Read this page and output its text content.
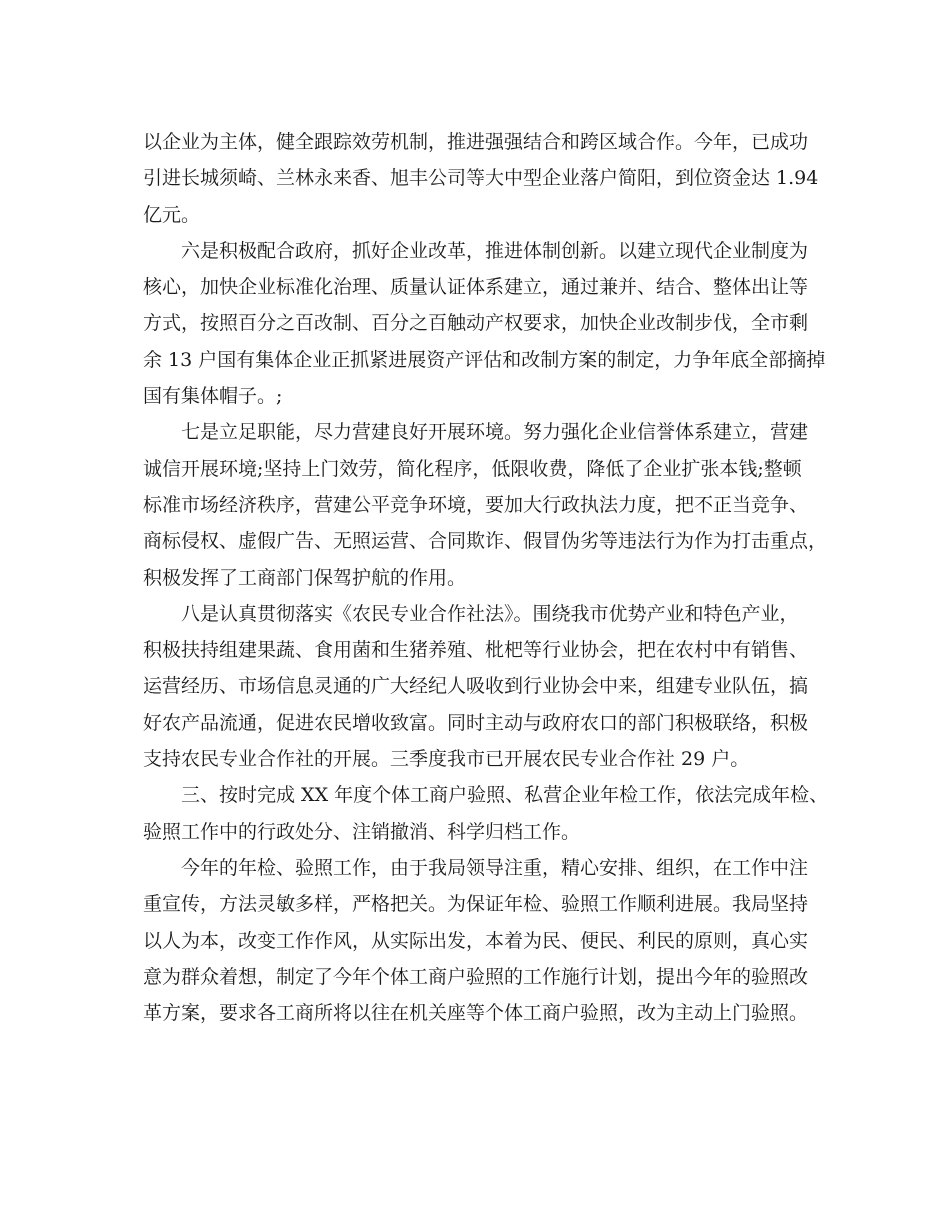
以企业为主体，健全跟踪效劳机制，推进强强结合和跨区域合作。今年，已成功
引进长城须崎、兰林永来香、旭丰公司等大中型企业落户简阳，到位资金达 1.94
亿元。
六是积极配合政府，抓好企业改革，推进体制创新。以建立现代企业制度为
核心，加快企业标准化治理、质量认证体系建立，通过兼并、结合、整体出让等
方式，按照百分之百改制、百分之百触动产权要求，加快企业改制步伐，全市剩
余 13 户国有集体企业正抓紧进展资产评估和改制方案的制定，力争年底全部摘掉
国有集体帽子。;
七是立足职能，尽力营建良好开展环境。努力强化企业信誉体系建立，营建
诚信开展环境;坚持上门效劳，简化程序，低限收费，降低了企业扩张本钱;整顿
标准市场经济秩序，营建公平竞争环境，要加大行政执法力度，把不正当竞争、
商标侵权、虚假广告、无照运营、合同欺诈、假冒伪劣等违法行为作为打击重点，
积极发挥了工商部门保驾护航的作用。
八是认真贯彻落实《农民专业合作社法》。围绕我市优势产业和特色产业，
积极扶持组建果蔬、食用菌和生猪养殖、枇杷等行业协会，把在农村中有销售、
运营经历、市场信息灵通的广大经纪人吸收到行业协会中来，组建专业队伍，搞
好农产品流通，促进农民增收致富。同时主动与政府农口的部门积极联络，积极
支持农民专业合作社的开展。三季度我市已开展农民专业合作社 29 户。
三、按时完成 XX 年度个体工商户验照、私营企业年检工作，依法完成年检、
验照工作中的行政处分、注销撤消、科学归档工作。
今年的年检、验照工作，由于我局领导注重，精心安排、组织，在工作中注
重宣传，方法灵敏多样，严格把关。为保证年检、验照工作顺利进展。我局坚持
以人为本，改变工作作风，从实际出发，本着为民、便民、利民的原则，真心实
意为群众着想，制定了今年个体工商户验照的工作施行计划，提出今年的验照改
革方案，要求各工商所将以往在机关座等个体工商户验照，改为主动上门验照。
